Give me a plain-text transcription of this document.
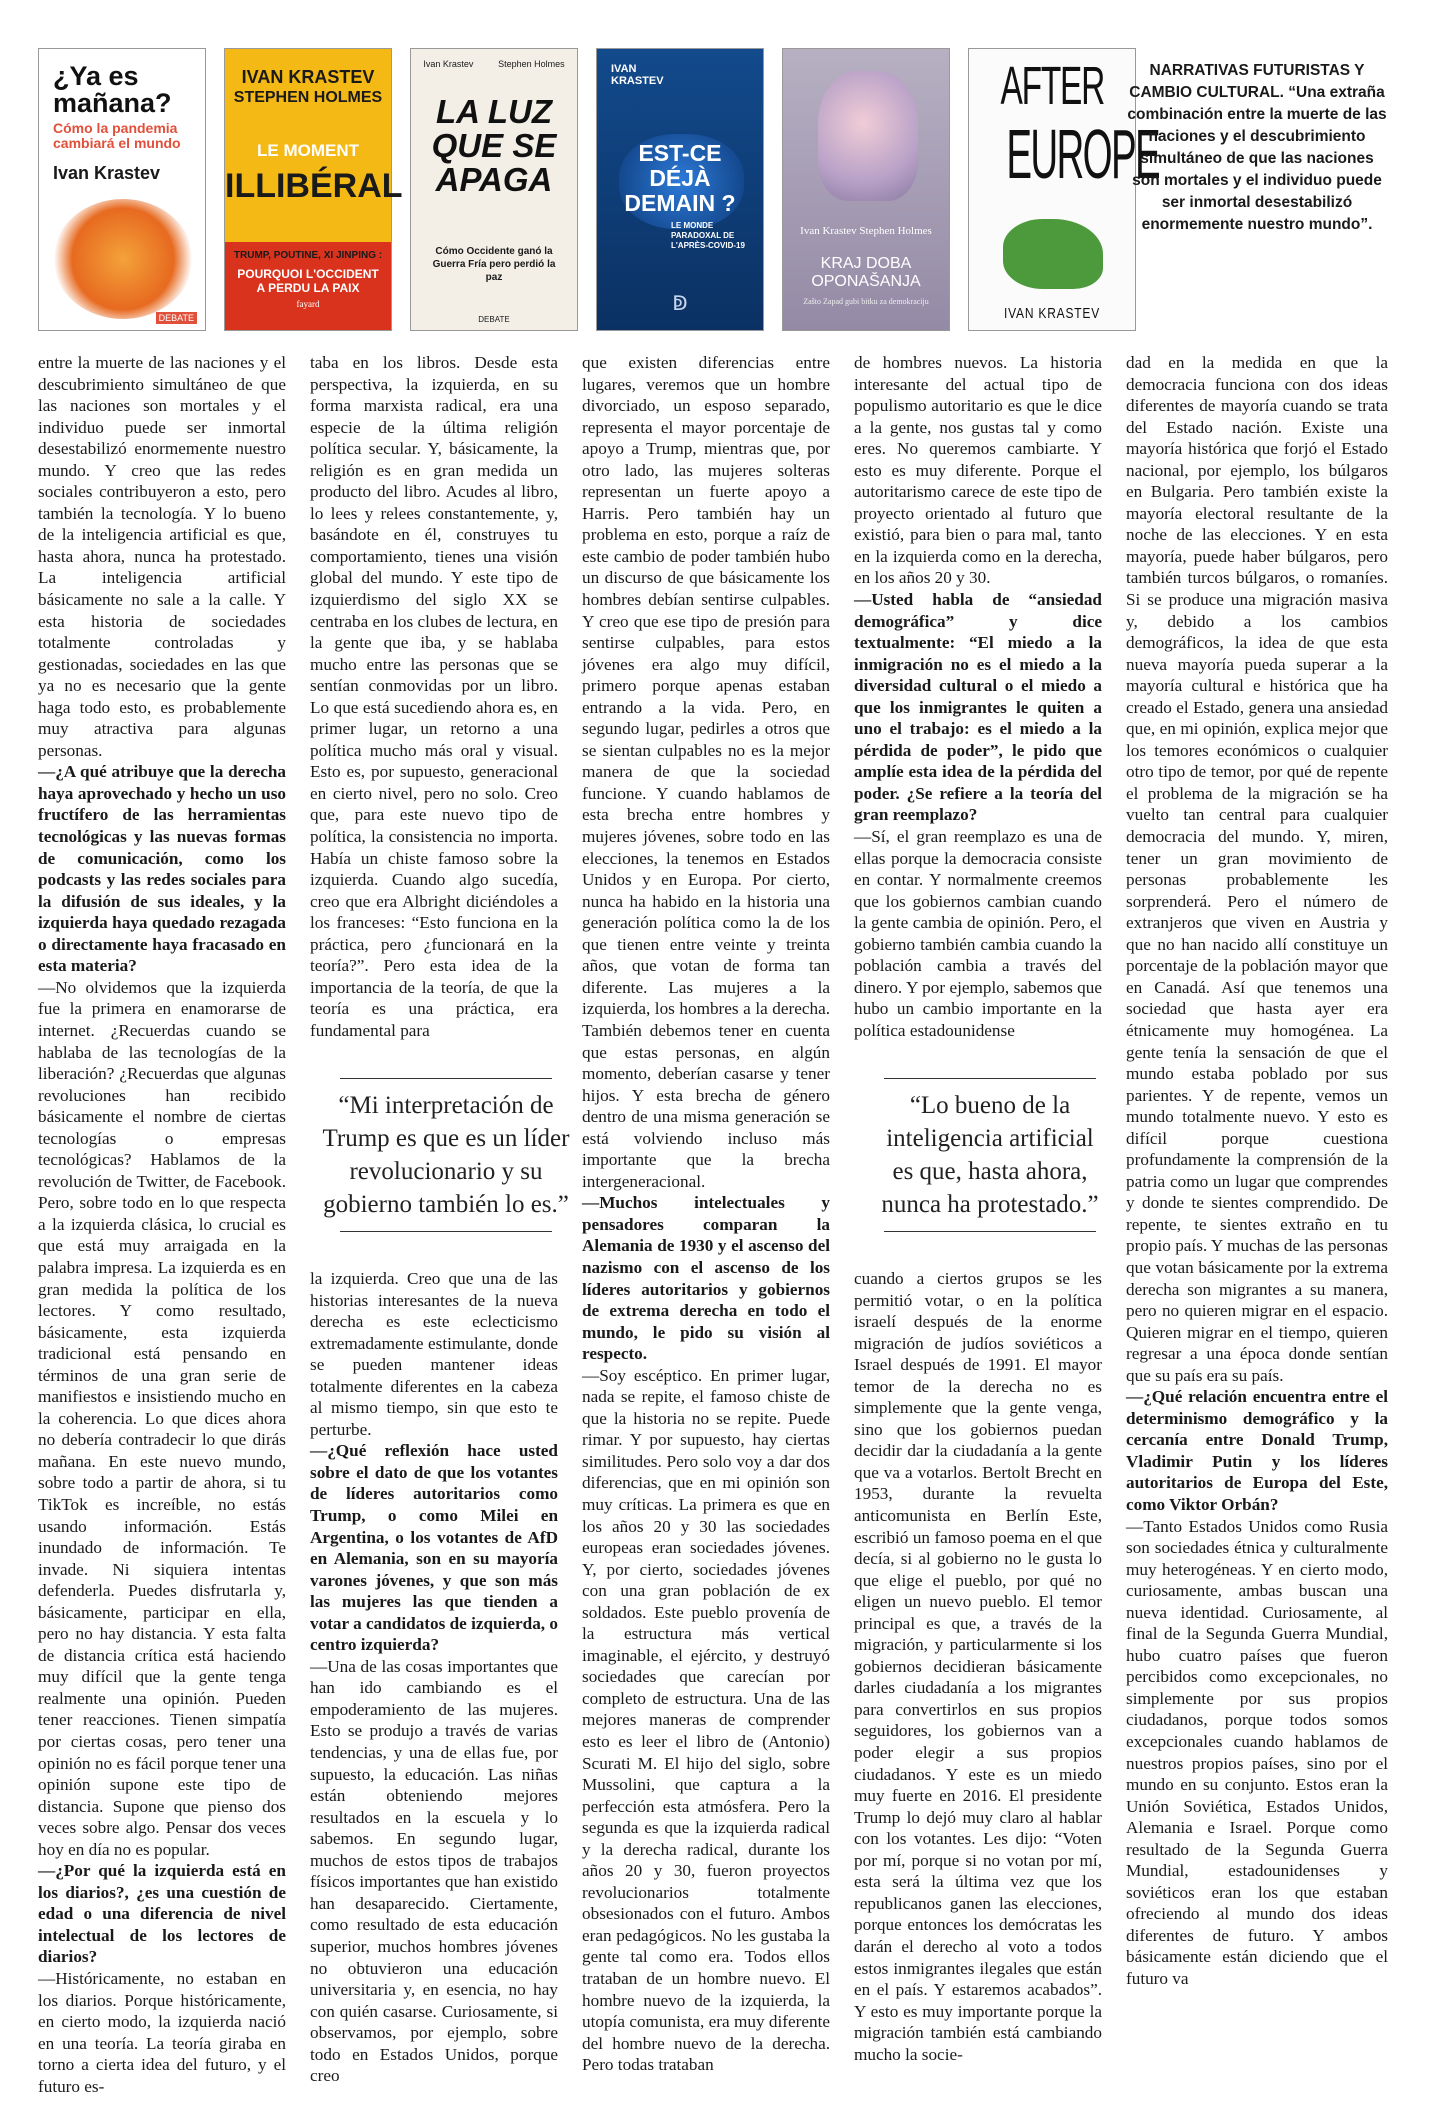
¿Ya es mañana?
Cómo la pandemia cambiará el mundo
Ivan Krastev
DEBATE
IVAN KRASTEV
STEPHEN HOLMES
LE MOMENT
ILLIBÉRAL
TRUMP, POUTINE, XI JINPING :
POURQUOI L'OCCIDENT A PERDU LA PAIX
fayard
Ivan Krastev	Stephen Holmes
LA LUZ QUE SE APAGA
Cómo Occidente ganó la Guerra Fría pero perdió la paz
DEBATE
IVAN KRASTEV
EST-CE DÉJÀ DEMAIN ?
LE MONDE PARADOXAL DE L'APRÈS-COVID-19
ↁ
Ivan Krastev Stephen Holmes
KRAJ DOBA OPONAŠANJA
Zašto Zapad gubi bitku za demokraciju
AFTER
EUROPE
IVAN KRASTEV
NARRATIVAS FUTURISTAS Y CAMBIO CULTURAL. “Una extraña combinación entre la muerte de las naciones y el descubrimiento simultáneo de que las naciones son mortales y el individuo puede ser inmortal desestabilizó enormemente nuestro mundo”.

entre la muerte de las naciones y el descubrimiento simultáneo de que las naciones son mortales y el individuo puede ser inmortal desestabilizó enormemente nuestro mundo. Y creo que las redes sociales contribuyeron a esto, pero también la tecnología. Y lo bueno de la inteligencia artificial es que, hasta ahora, nunca ha protestado. La inteligencia artificial básicamente no sale a la calle. Y esta historia de sociedades totalmente controladas y gestionadas, sociedades en las que ya no es necesario que la gente haga todo esto, es probablemente muy atractiva para algunas personas.

—¿A qué atribuye que la derecha haya aprovechado y hecho un uso fructífero de las herramientas tecnológicas y las nuevas formas de comunicación, como los podcasts y las redes sociales para la difusión de sus ideales, y la izquierda haya quedado rezagada o directamente haya fracasado en esta materia?

—No olvidemos que la izquierda fue la primera en enamorarse de internet. ¿Recuerdas cuando se hablaba de las tecnologías de la liberación? ¿Recuerdas que algunas revoluciones han recibido básicamente el nombre de ciertas tecnologías o empresas tecnológicas? Hablamos de la revolución de Twitter, de Facebook. Pero, sobre todo en lo que respecta a la izquierda clásica, lo crucial es que está muy arraigada en la palabra impresa. La izquierda es en gran medida la política de los lectores. Y como resultado, básicamente, esta izquierda tradicional está pensando en términos de una gran serie de manifiestos e insistiendo mucho en la coherencia. Lo que dices ahora no debería contradecir lo que dirás mañana. En este nuevo mundo, sobre todo a partir de ahora, si tu TikTok es increíble, no estás usando información. Estás inundado de información. Te invade. Ni siquiera intentas defenderla. Puedes disfrutarla y, básicamente, participar en ella, pero no hay distancia. Y esta falta de distancia crítica está haciendo muy difícil que la gente tenga realmente una opinión. Pueden tener reacciones. Tienen simpatía por ciertas cosas, pero tener una opinión no es fácil porque tener una opinión supone este tipo de distancia. Supone que pienso dos veces sobre algo. Pensar dos veces hoy en día no es popular.

—¿Por qué la izquierda está en los diarios?, ¿es una cuestión de edad o una diferencia de nivel intelectual de los lectores de diarios?

—Históricamente, no estaban en los diarios. Porque históricamente, en cierto modo, la izquierda nació en una teoría. La teoría giraba en torno a cierta idea del futuro, y el futuro es-

taba en los libros. Desde esta perspectiva, la izquierda, en su forma marxista radical, era una especie de la última religión política secular. Y, básicamente, la religión es en gran medida un producto del libro. Acudes al libro, lo lees y relees constantemente, y, basándote en él, construyes tu comportamiento, tienes una visión global del mundo. Y este tipo de izquierdismo del siglo XX se centraba en los clubes de lectura, en la gente que iba, y se hablaba mucho entre las personas que se sentían conmovidas por un libro. Lo que está sucediendo ahora es, en primer lugar, un retorno a una política mucho más oral y visual. Esto es, por supuesto, generacional en cierto nivel, pero no solo. Creo que, para este nuevo tipo de política, la consistencia no importa. Había un chiste famoso sobre la izquierda. Cuando algo sucedía, creo que era Albright diciéndoles a los franceses: “Esto funciona en la práctica, pero ¿funcionará en la teoría?”. Pero esta idea de la importancia de la teoría, de que la teoría es una práctica, era fundamental para

“Mi interpretación de Trump es que es un líder revolucionario y su gobierno también lo es.”

la izquierda. Creo que una de las historias interesantes de la nueva derecha es este eclecticismo extremadamente estimulante, donde se pueden mantener ideas totalmente diferentes en la cabeza al mismo tiempo, sin que esto te perturbe.

—¿Qué reflexión hace usted sobre el dato de que los votantes de líderes autoritarios como Trump, o como Milei en Argentina, o los votantes de AfD en Alemania, son en su mayoría varones jóvenes, y que son más las mujeres las que tienden a votar a candidatos de izquierda, o centro izquierda?

—Una de las cosas importantes que han ido cambiando es el empoderamiento de las mujeres. Esto se produjo a través de varias tendencias, y una de ellas fue, por supuesto, la educación. Las niñas están obteniendo mejores resultados en la escuela y lo sabemos. En segundo lugar, muchos de estos tipos de trabajos físicos importantes que han existido han desaparecido. Ciertamente, como resultado de esta educación superior, muchos hombres jóvenes no obtuvieron una educación universitaria y, en esencia, no hay con quién casarse. Curiosamente, si observamos, por ejemplo, sobre todo en Estados Unidos, porque creo

que existen diferencias entre lugares, veremos que un hombre divorciado, un esposo separado, representa el mayor porcentaje de apoyo a Trump, mientras que, por otro lado, las mujeres solteras representan un fuerte apoyo a Harris. Pero también hay un problema en esto, porque a raíz de este cambio de poder también hubo un discurso de que básicamente los hombres debían sentirse culpables. Y creo que ese tipo de presión para sentirse culpables, para estos jóvenes era algo muy difícil, primero porque apenas estaban entrando a la vida. Pero, en segundo lugar, pedirles a otros que se sientan culpables no es la mejor manera de que la sociedad funcione. Y cuando hablamos de esta brecha entre hombres y mujeres jóvenes, sobre todo en las elecciones, la tenemos en Estados Unidos y en Europa. Por cierto, nunca ha habido en la historia una generación política como la de los que tienen entre veinte y treinta años, que votan de forma tan diferente. Las mujeres a la izquierda, los hombres a la derecha. También debemos tener en cuenta que estas personas, en algún momento, deberían casarse y tener hijos. Y esta brecha de género dentro de una misma generación se está volviendo incluso más importante que la brecha intergeneracional.

—Muchos intelectuales y pensadores comparan la Alemania de 1930 y el ascenso del nazismo con el ascenso de los líderes autoritarios y gobiernos de extrema derecha en todo el mundo, le pido su visión al respecto.

—Soy escéptico. En primer lugar, nada se repite, el famoso chiste de que la historia no se repite. Puede rimar. Y por supuesto, hay ciertas similitudes. Pero solo voy a dar dos diferencias, que en mi opinión son muy críticas. La primera es que en los años 20 y 30 las sociedades europeas eran sociedades jóvenes. Y, por cierto, sociedades jóvenes con una gran población de ex soldados. Este pueblo provenía de la estructura más vertical imaginable, el ejército, y destruyó sociedades que carecían por completo de estructura. Una de las mejores maneras de comprender esto es leer el libro de (Antonio) Scurati M. El hijo del siglo, sobre Mussolini, que captura a la perfección esta atmósfera. Pero la segunda es que la izquierda radical y la derecha radical, durante los años 20 y 30, fueron proyectos revolucionarios totalmente obsesionados con el futuro. Ambos eran pedagógicos. No les gustaba la gente tal como era. Todos ellos trataban de un hombre nuevo. El hombre nuevo de la izquierda, la utopía comunista, era muy diferente del hombre nuevo de la derecha. Pero todas trataban

de hombres nuevos. La historia interesante del actual tipo de populismo autoritario es que le dice a la gente, nos gustas tal y como eres. No queremos cambiarte. Y esto es muy diferente. Porque el autoritarismo carece de este tipo de proyecto orientado al futuro que existió, para bien o para mal, tanto en la izquierda como en la derecha, en los años 20 y 30.

—Usted habla de “ansiedad demográfica” y dice textualmente: “El miedo a la inmigración no es el miedo a la diversidad cultural o el miedo a que los inmigrantes le quiten a uno el trabajo: es el miedo a la pérdida de poder”, le pido que amplíe esta idea de la pérdida del poder. ¿Se refiere a la teoría del gran reemplazo?

—Sí, el gran reemplazo es una de ellas porque la democracia consiste en contar. Y normalmente creemos que los gobiernos cambian cuando la gente cambia de opinión. Pero, el gobierno también cambia cuando la población cambia a través del dinero. Y por ejemplo, sabemos que hubo un cambio importante en la política estadounidense

“Lo bueno de la inteligencia artificial es que, hasta ahora, nunca ha protestado.”

cuando a ciertos grupos se les permitió votar, o en la política israelí después de la enorme migración de judíos soviéticos a Israel después de 1991. El mayor temor de la derecha no es simplemente que la gente venga, sino que los gobiernos puedan decidir dar la ciudadanía a la gente que va a votarlos. Bertolt Brecht en 1953, durante la revuelta anticomunista en Berlín Este, escribió un famoso poema en el que decía, si al gobierno no le gusta lo que elige el pueblo, por qué no eligen un nuevo pueblo. El temor principal es que, a través de la migración, y particularmente si los gobiernos decidieran básicamente darles ciudadanía a los migrantes para convertirlos en sus propios seguidores, los gobiernos van a poder elegir a sus propios ciudadanos. Y este es un miedo muy fuerte en 2016. El presidente Trump lo dejó muy claro al hablar con los votantes. Les dijo: “Voten por mí, porque si no votan por mí, esta será la última vez que los republicanos ganen las elecciones, porque entonces los demócratas les darán el derecho al voto a todos estos inmigrantes ilegales que están en el país. Y estaremos acabados”. Y esto es muy importante porque la migración también está cambiando mucho la socie-

dad en la medida en que la democracia funciona con dos ideas diferentes de mayoría cuando se trata del Estado nación. Existe una mayoría histórica que forjó el Estado nacional, por ejemplo, los búlgaros en Bulgaria. Pero también existe la mayoría electoral resultante de la noche de las elecciones. Y en esta mayoría, puede haber búlgaros, pero también turcos búlgaros, o romaníes. Si se produce una migración masiva y, debido a los cambios demográficos, la idea de que esta nueva mayoría pueda superar a la mayoría cultural e histórica que ha creado el Estado, genera una ansiedad que, en mi opinión, explica mejor que los temores económicos o cualquier otro tipo de temor, por qué de repente el problema de la migración se ha vuelto tan central para cualquier democracia del mundo. Y, miren, tener un gran movimiento de personas probablemente les sorprenderá. Pero el número de extranjeros que viven en Austria y que no han nacido allí constituye un porcentaje de la población mayor que en Canadá. Así que tenemos una sociedad que hasta ayer era étnicamente muy homogénea. La gente tenía la sensación de que el mundo estaba poblado por sus parientes. Y de repente, vemos un mundo totalmente nuevo. Y esto es difícil porque cuestiona profundamente la comprensión de la patria como un lugar que comprendes y donde te sientes comprendido. De repente, te sientes extraño en tu propio país. Y muchas de las personas que votan básicamente por la extrema derecha son migrantes a su manera, pero no quieren migrar en el espacio. Quieren migrar en el tiempo, quieren regresar a una época donde sentían que su país era su país.

—¿Qué relación encuentra entre el determinismo demográfico y la cercanía entre Donald Trump, Vladimir Putin y los líderes autoritarios de Europa del Este, como Viktor Orbán?

—Tanto Estados Unidos como Rusia son sociedades étnica y culturalmente muy heterogéneas. Y en cierto modo, curiosamente, ambas buscan una nueva identidad. Curiosamente, al final de la Segunda Guerra Mundial, hubo cuatro países que fueron percibidos como excepcionales, no simplemente por sus propios ciudadanos, porque todos somos excepcionales cuando hablamos de nuestros propios países, sino por el mundo en su conjunto. Estos eran la Unión Soviética, Estados Unidos, Alemania e Israel. Porque como resultado de la Segunda Guerra Mundial, estadounidenses y soviéticos eran los que estaban ofreciendo al mundo dos ideas diferentes de futuro. Y ambos básicamente están diciendo que el futuro va
